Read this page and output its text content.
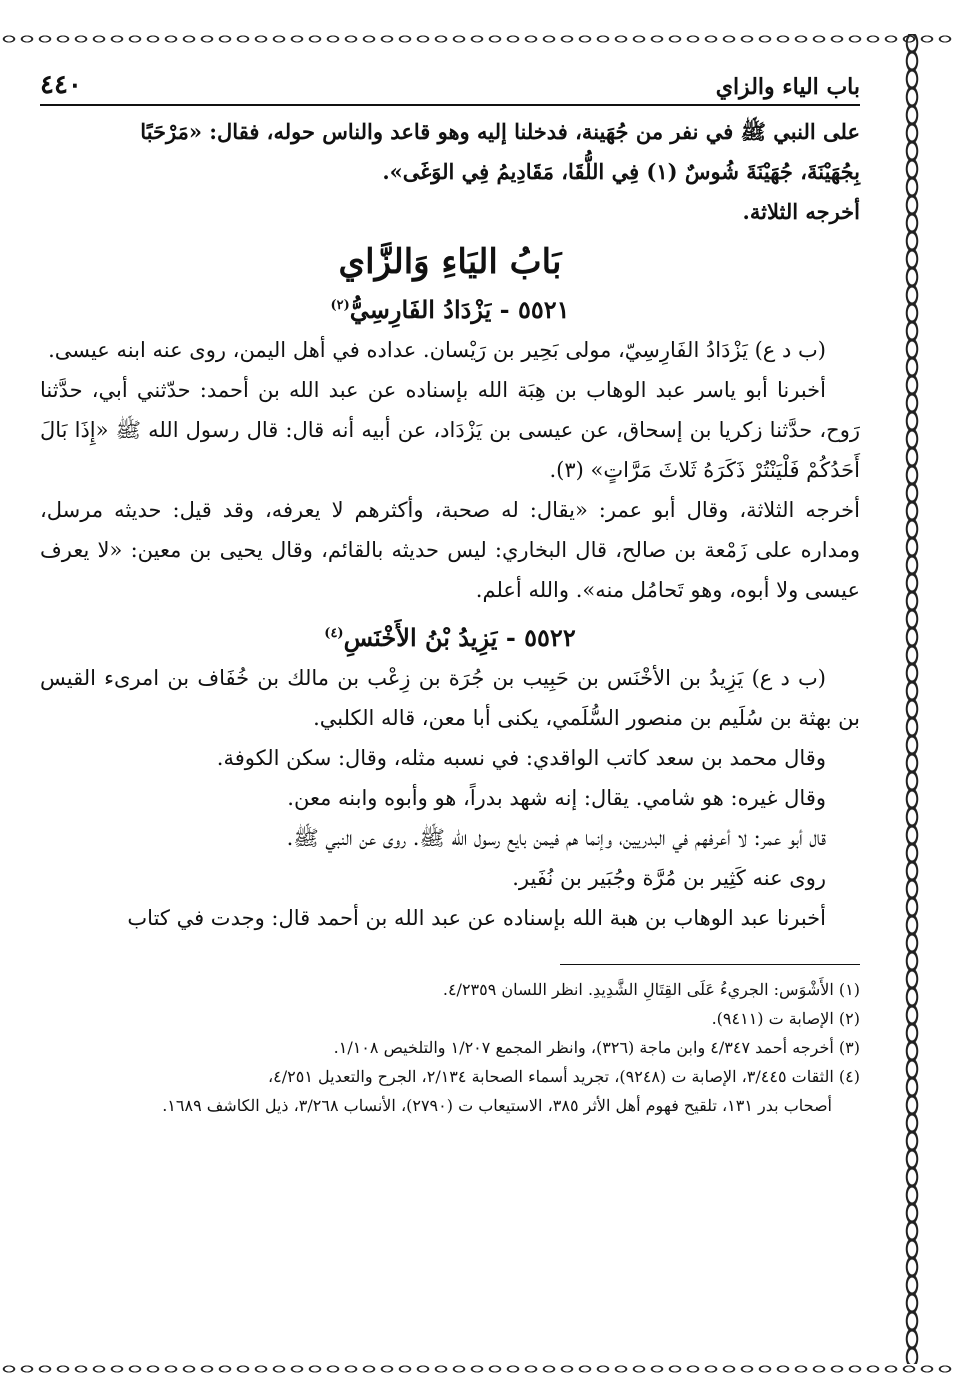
باب الياء والزاي
٤٤٠

على النبي ﷺ في نفر من جُهَينة، فدخلنا إليه وهو قاعد والناس حوله، فقال: «مَرْحَبًا

بِجُهَيْنَةَ، جُهَيْنَةَ شُوسٌ (١) فِي اللُّقَا، مَقَادِيمُ فِي الوَغَى».

أخرجه الثلاثة.

بَابُ اليَاءِ وَالزَّاي

٥٥٢١ - يَزْدَادُ الفَارِسِيُّ$^{(٢)}$

(ب د ع) يَزْدَادُ الفَارِسِيّ، مولى بَحِير بن رَيْسان. عداده في أهل اليمن، روى عنه ابنه عيسى.

أخبرنا أبو ياسر عبد الوهاب بن هِبَة الله بإسناده عن عبد الله بن أحمد: حدّثني أبي، حدَّثنا رَوح، حدَّثنا زكريا بن إسحاق، عن عيسى بن يَزْدَاد، عن أبيه أنه قال: قال رسول الله ﷺ «إِذَا بَالَ أَحَدُكُمْ فَلْيَنْتُرْ ذَكَرَهُ ثَلاثَ مَرَّاتٍ» (٣).

أخرجه الثلاثة، وقال أبو عمر: «يقال: له صحبة، وأكثرهم لا يعرفه، وقد قيل: حديثه مرسل، ومداره على زَمْعة بن صالح، قال البخاري: ليس حديثه بالقائم، وقال يحيى بن معين: «لا يعرف عيسى ولا أبوه، وهو تَحامُل منه». والله أعلم.

٥٥٢٢ - يَزِيدُ بْنُ الأَخْنَسِ$^{(٤)}$

(ب د ع) يَزِيدُ بن الأخْنَس بن حَبِيب بن جُرَة بن زِعْب بن مالك بن خُفَاف بن امرىء القيس بن بهثة بن سُلَيم بن منصور السُّلَمي، يكنى أبا معن، قاله الكلبي.

وقال محمد بن سعد كاتب الواقدي: في نسبه مثله، وقال: سكن الكوفة.

وقال غيره: هو شامي. يقال: إنه شهد بدراً، هو وأبوه وابنه معن.

قال أبو عمر: لا أعرفهم في البدريين، وإنما هم فيمن بايع رسول الله ﷺ. روى عن النبي ﷺ.

روى عنه كَثِير بن مُرَّة وجُبَير بن نُفَير.

أخبرنا عبد الوهاب بن هبة الله بإسناده عن عبد الله بن أحمد قال: وجدت في كتاب

(١) الأَشْوَس: الجريءُ عَلَى القِتَالِ الشَّدِيدِ. انظر اللسان ٤/٢٣٥٩.

(٢) الإصابة ت (٩٤١١).

(٣) أخرجه أحمد ٤/٣٤٧ وابن ماجة (٣٢٦)، وانظر المجمع ١/٢٠٧ والتلخيص ١/١٠٨.

(٤) الثقات ٣/٤٤٥، الإصابة ت (٩٢٤٨)، تجريد أسماء الصحابة ٢/١٣٤، الجرح والتعديل ٤/٢٥١،

أصحاب بدر ١٣١، تلقيح فهوم أهل الأثر ٣٨٥، الاستيعاب ت (٢٧٩٠)، الأنساب ٣/٢٦٨، ذيل الكاشف ١٦٨٩.
